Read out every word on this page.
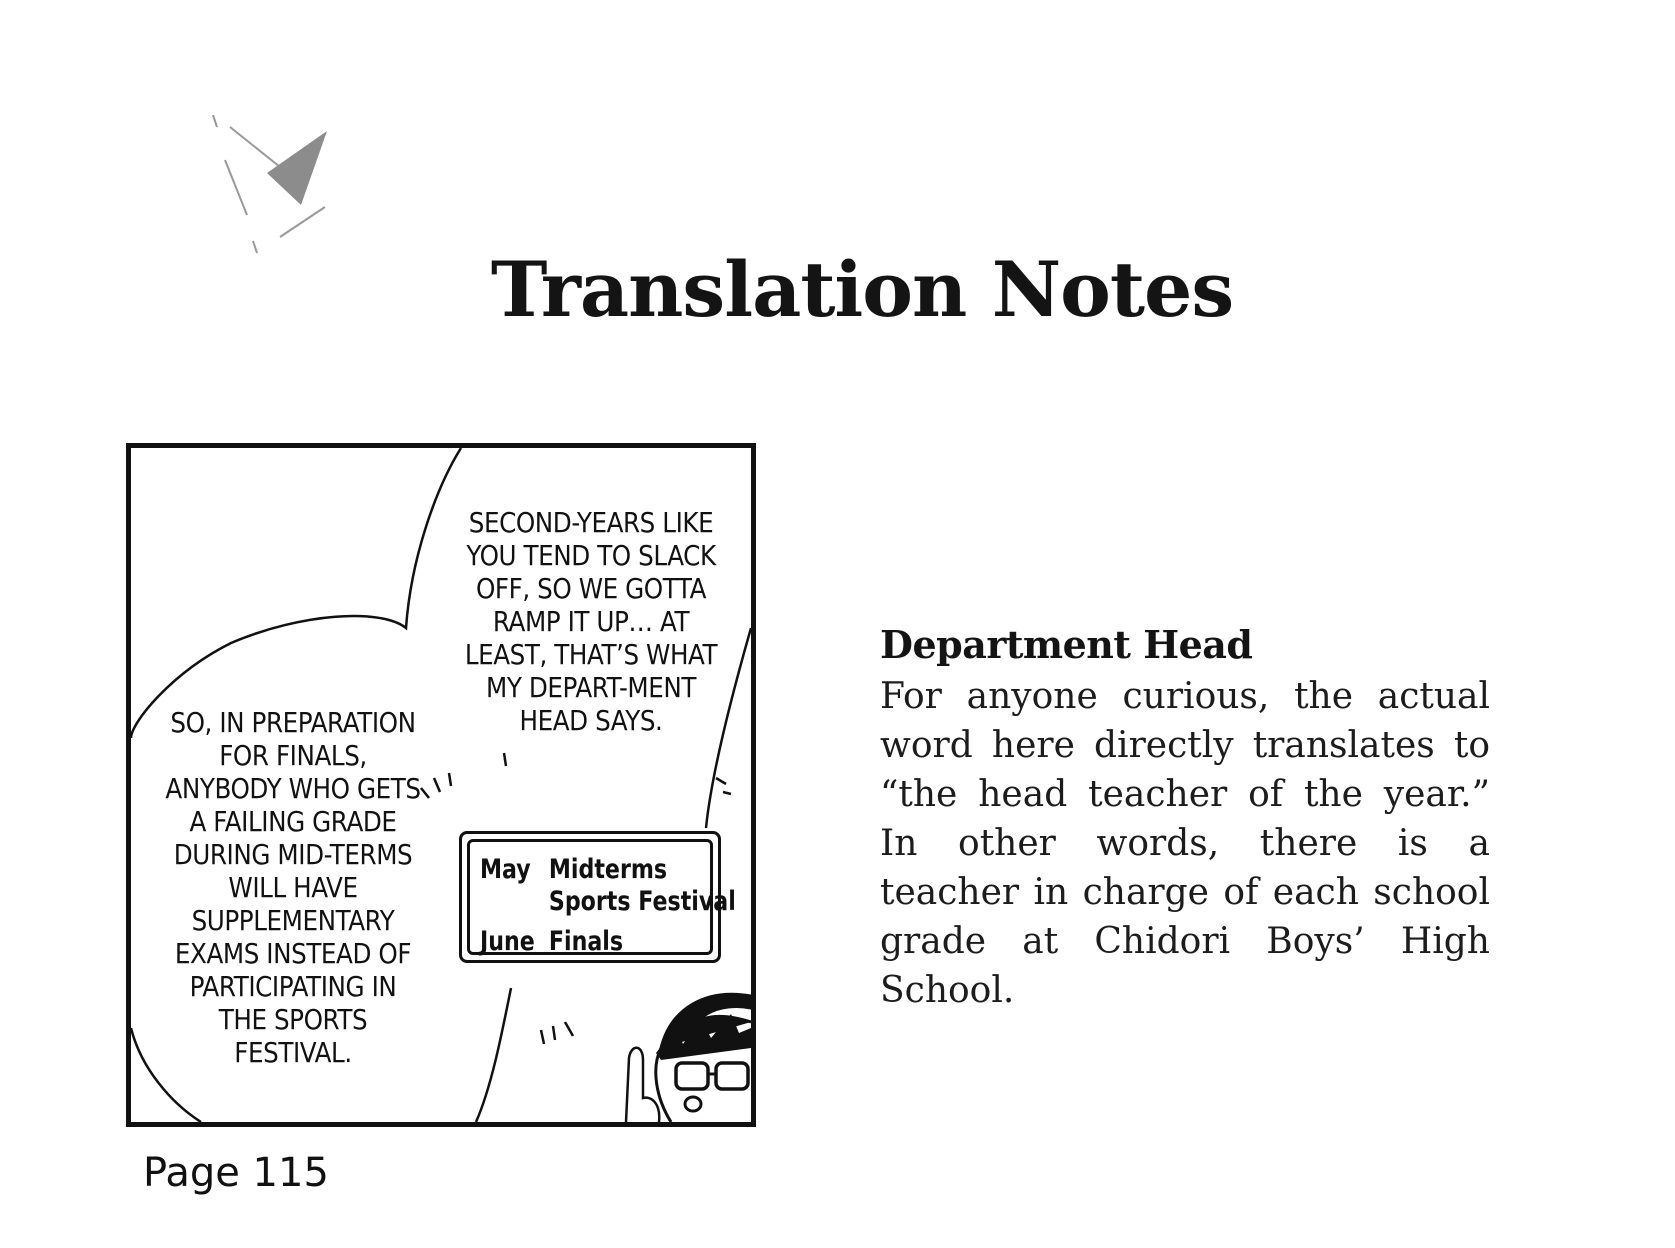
Translation Notes

SECOND-YEARS LIKE YOU TEND TO SLACK OFF, SO WE GOTTA RAMP IT UP… AT LEAST, THAT’S WHAT MY DEPART-MENT HEAD SAYS.

SO, IN PREPARATION FOR FINALS, ANYBODY WHO GETS A FAILING GRADE DURING MID-TERMS WILL HAVE SUPPLEMENTARY EXAMS INSTEAD OF PARTICIPATING IN THE SPORTS FESTIVAL.

May Midterms
Sports Festival
June Finals

Page 115

Department Head

For anyone curious, the actual word here directly translates to “the head teacher of the year.” In other words, there is a teacher in charge of each school grade at Chidori Boys’ High School.
